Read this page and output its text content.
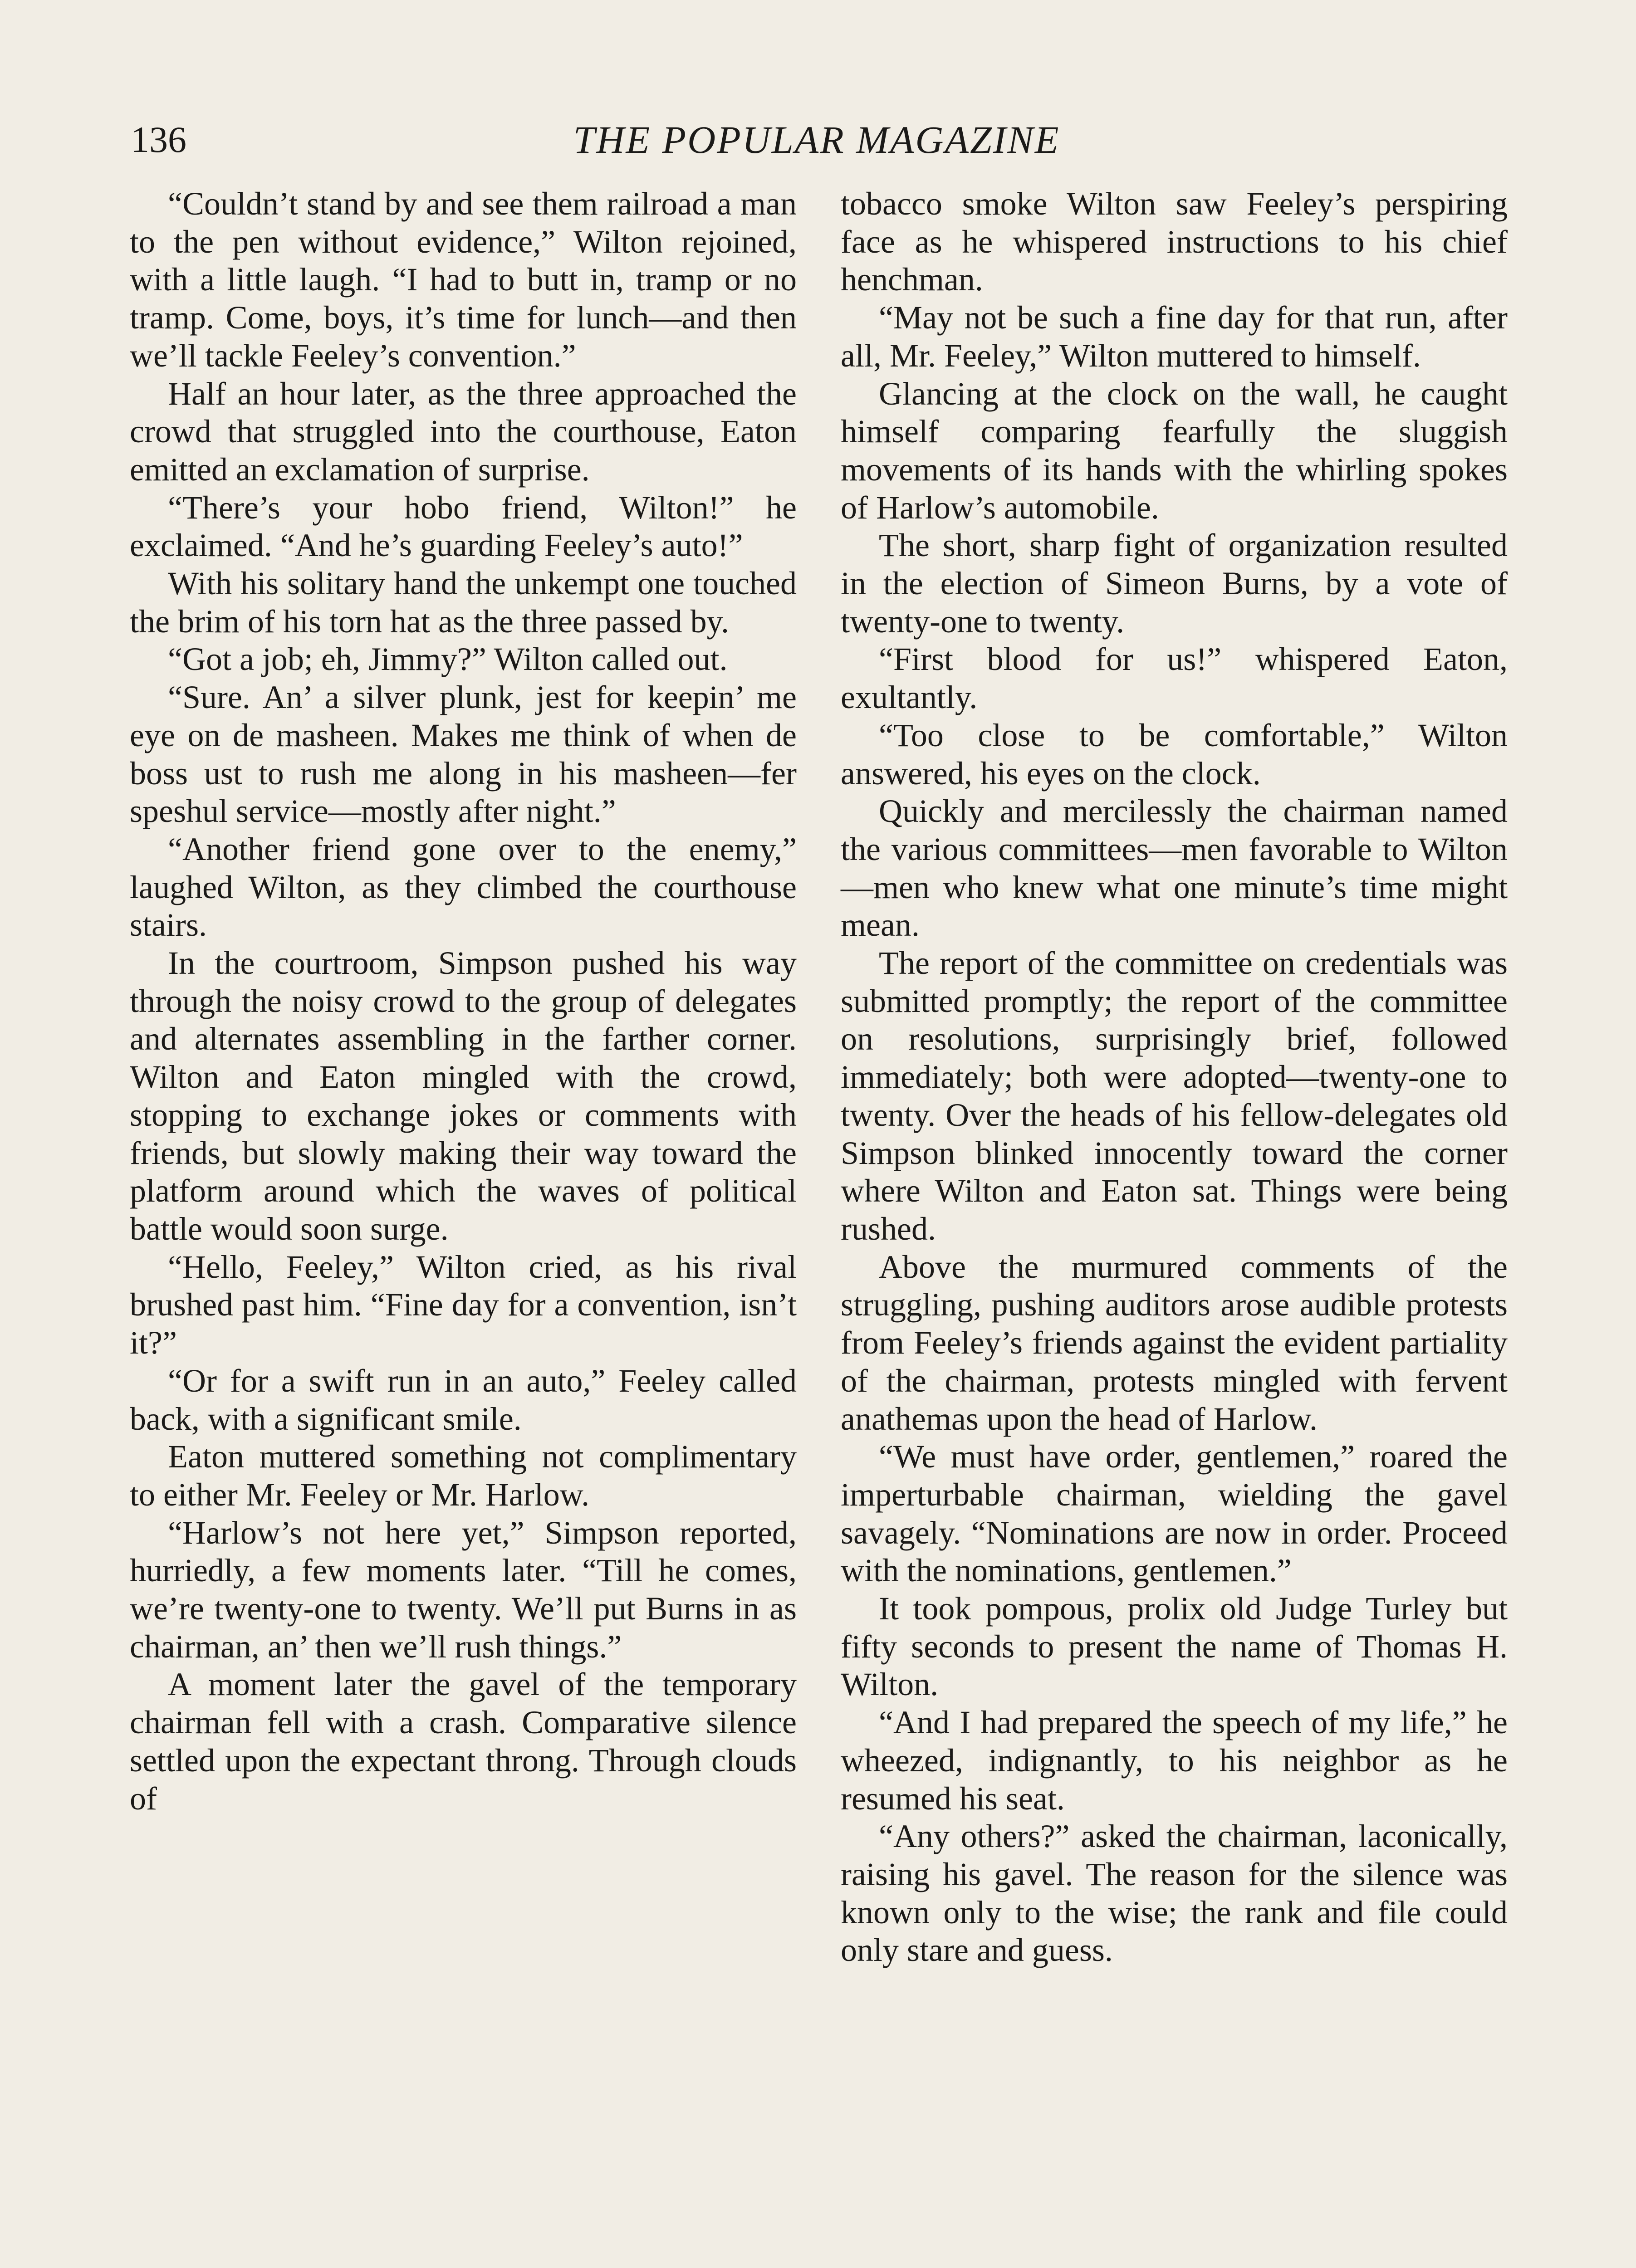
136	THE POPULAR MAGAZINE

“Couldn’t stand by and see them railroad a man to the pen without evidence,” Wilton rejoined, with a little laugh. “I had to butt in, tramp or no tramp. Come, boys, it’s time for lunch—and then we’ll tackle Feeley’s convention.”

Half an hour later, as the three approached the crowd that struggled into the courthouse, Eaton emitted an exclamation of surprise.

“There’s your hobo friend, Wilton!” he exclaimed. “And he’s guarding Feeley’s auto!”

With his solitary hand the unkempt one touched the brim of his torn hat as the three passed by.

“Got a job; eh, Jimmy?” Wilton called out.

“Sure. An’ a silver plunk, jest for keepin’ me eye on de masheen. Makes me think of when de boss ust to rush me along in his masheen—fer speshul service—mostly after night.”

“Another friend gone over to the enemy,” laughed Wilton, as they climbed the courthouse stairs.

In the courtroom, Simpson pushed his way through the noisy crowd to the group of delegates and alternates assembling in the farther corner. Wilton and Eaton mingled with the crowd, stopping to exchange jokes or comments with friends, but slowly making their way toward the platform around which the waves of political battle would soon surge.

“Hello, Feeley,” Wilton cried, as his rival brushed past him. “Fine day for a convention, isn’t it?”

“Or for a swift run in an auto,” Feeley called back, with a significant smile.

Eaton muttered something not complimentary to either Mr. Feeley or Mr. Harlow.

“Harlow’s not here yet,” Simpson reported, hurriedly, a few moments later. “Till he comes, we’re twenty-one to twenty. We’ll put Burns in as chairman, an’ then we’ll rush things.”

A moment later the gavel of the temporary chairman fell with a crash. Comparative silence settled upon the expectant throng. Through clouds of

tobacco smoke Wilton saw Feeley’s perspiring face as he whispered instructions to his chief henchman.

“May not be such a fine day for that run, after all, Mr. Feeley,” Wilton muttered to himself.

Glancing at the clock on the wall, he caught himself comparing fearfully the sluggish movements of its hands with the whirling spokes of Harlow’s automobile.

The short, sharp fight of organization resulted in the election of Simeon Burns, by a vote of twenty-one to twenty.

“First blood for us!” whispered Eaton, exultantly.

“Too close to be comfortable,” Wilton answered, his eyes on the clock.

Quickly and mercilessly the chairman named the various committees—men favorable to Wilton—men who knew what one minute’s time might mean.

The report of the committee on credentials was submitted promptly; the report of the committee on resolutions, surprisingly brief, followed immediately; both were adopted—twenty-one to twenty. Over the heads of his fellow-delegates old Simpson blinked innocently toward the corner where Wilton and Eaton sat. Things were being rushed.

Above the murmured comments of the struggling, pushing auditors arose audible protests from Feeley’s friends against the evident partiality of the chairman, protests mingled with fervent anathemas upon the head of Harlow.

“We must have order, gentlemen,” roared the imperturbable chairman, wielding the gavel savagely. “Nominations are now in order. Proceed with the nominations, gentlemen.”

It took pompous, prolix old Judge Turley but fifty seconds to present the name of Thomas H. Wilton.

“And I had prepared the speech of my life,” he wheezed, indignantly, to his neighbor as he resumed his seat.

“Any others?” asked the chairman, laconically, raising his gavel. The reason for the silence was known only to the wise; the rank and file could only stare and guess.
